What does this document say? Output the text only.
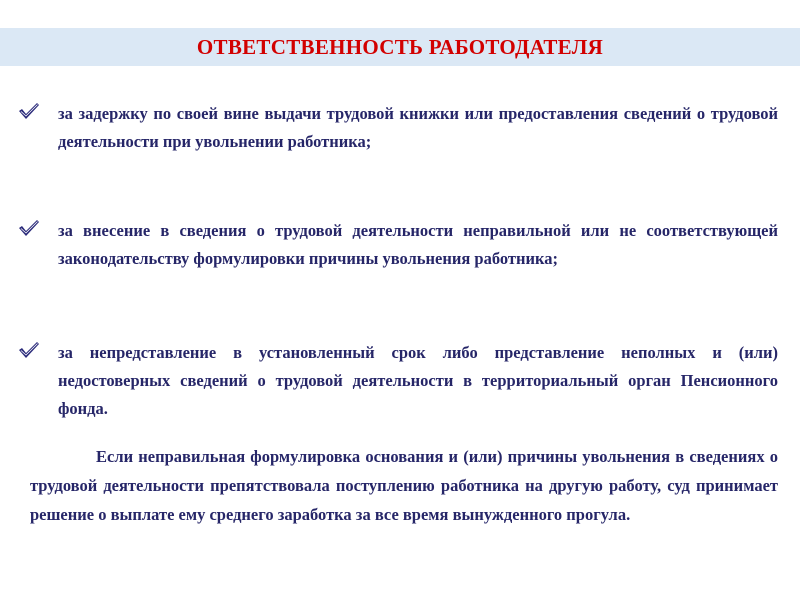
ОТВЕТСТВЕННОСТЬ РАБОТОДАТЕЛЯ
за задержку по своей вине выдачи трудовой книжки или предоставления сведений о трудовой деятельности при увольнении работника;
за внесение в сведения о трудовой деятельности неправильной или не соответствующей законодательству формулировки причины увольнения работника;
за непредставление в установленный срок либо представление неполных и (или) недостоверных сведений о трудовой деятельности в территориальный орган Пенсионного фонда.
Если неправильная формулировка основания и (или) причины увольнения в сведениях о трудовой деятельности препятствовала поступлению работника на другую работу, суд принимает решение о выплате ему среднего заработка за все время вынужденного прогула.
